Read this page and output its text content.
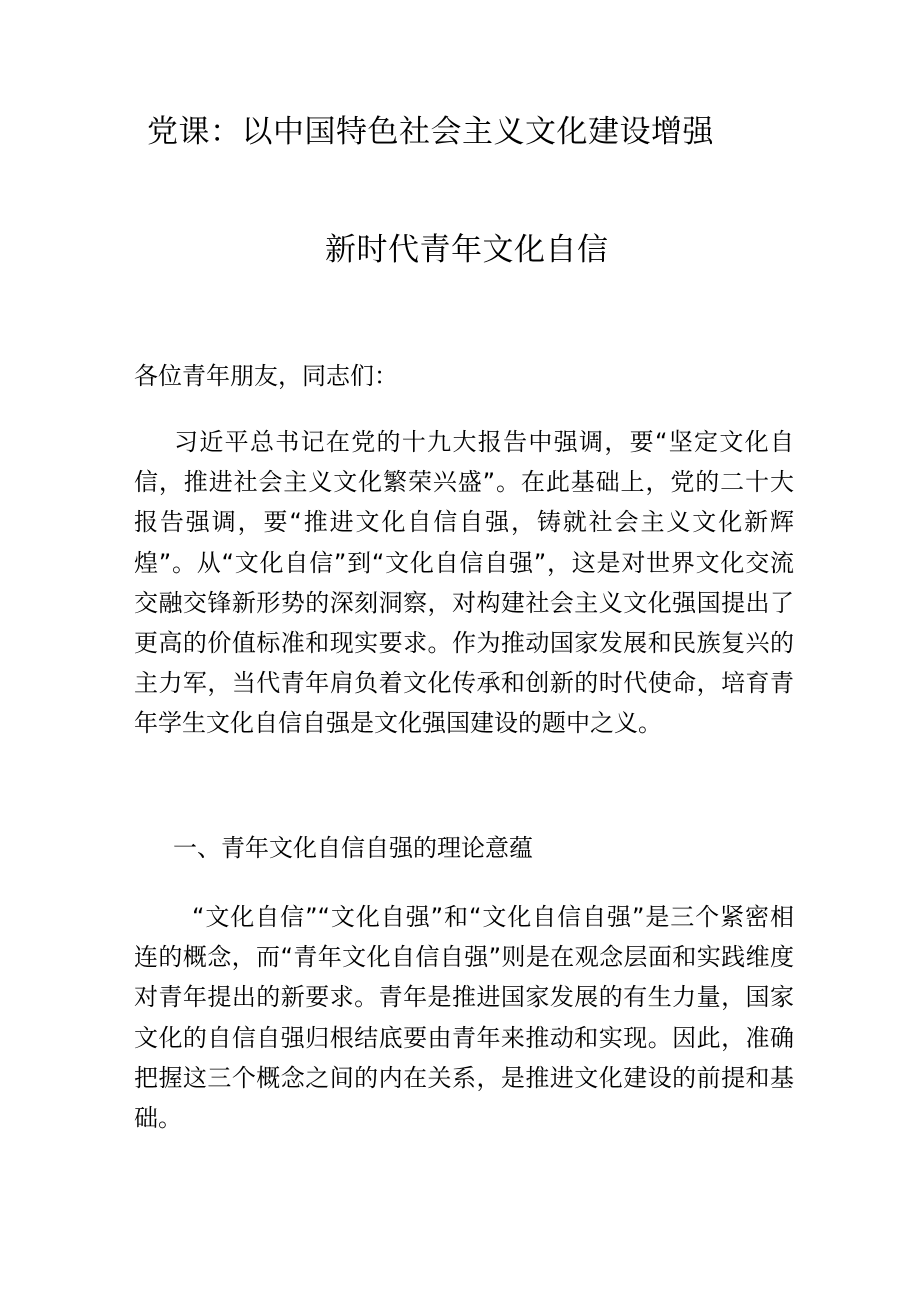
党课：以中国特色社会主义文化建设增强
新时代青年文化自信
各位青年朋友，同志们：

习近平总书记在党的十九大报告中强调，要“坚定文化自信，推进社会主义文化繁荣兴盛”。在此基础上，党的二十大报告强调，要“推进文化自信自强，铸就社会主义文化新辉煌”。从“文化自信”到“文化自信自强”，这是对世界文化交流交融交锋新形势的深刻洞察，对构建社会主义文化强国提出了更高的价值标准和现实要求。作为推动国家发展和民族复兴的主力军，当代青年肩负着文化传承和创新的时代使命，培育青年学生文化自信自强是文化强国建设的题中之义。

一、青年文化自信自强的理论意蕴

“文化自信”“文化自强”和“文化自信自强”是三个紧密相连的概念，而“青年文化自信自强”则是在观念层面和实践维度对青年提出的新要求。青年是推进国家发展的有生力量，国家文化的自信自强归根结底要由青年来推动和实现。因此，准确把握这三个概念之间的内在关系，是推进文化建设的前提和基础。
